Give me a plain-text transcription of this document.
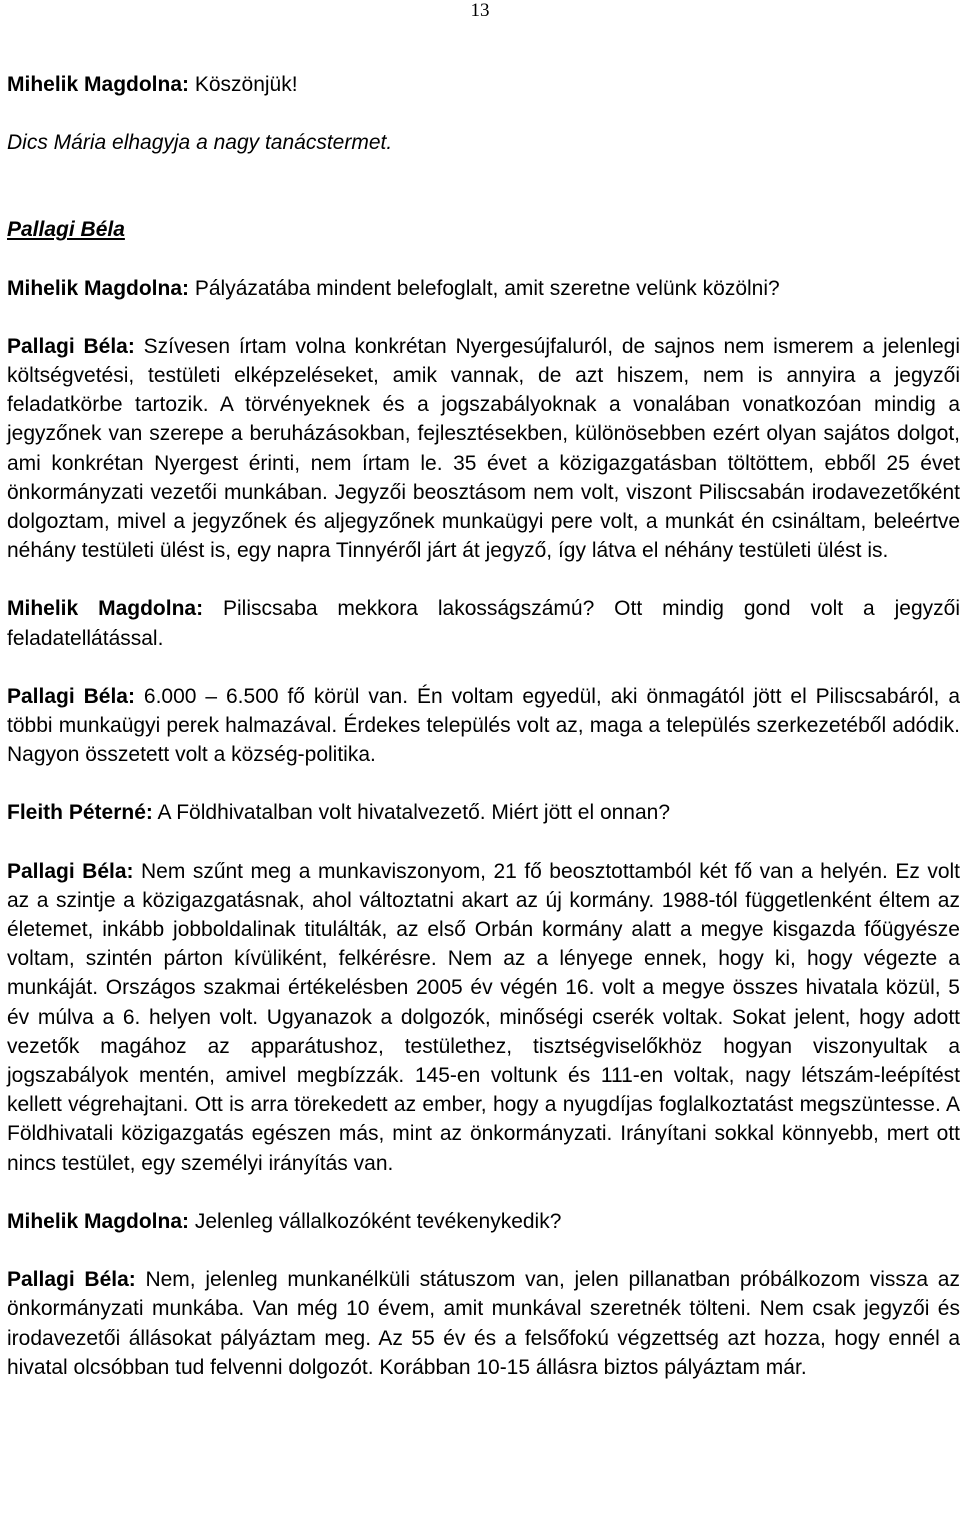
13

Mihelik Magdolna: Köszönjük!

Dics Mária elhagyja a nagy tanácstermet.

Pallagi Béla

Mihelik Magdolna: Pályázatába mindent belefoglalt, amit szeretne velünk közölni?

Pallagi Béla: Szívesen írtam volna konkrétan Nyergesújfaluról, de sajnos nem ismerem a jelenlegi költségvetési, testületi elképzeléseket, amik vannak, de azt hiszem, nem is annyira a jegyzői feladatkörbe tartozik. A törvényeknek és a jogszabályoknak a vonalában vonatkozóan mindig a jegyzőnek van szerepe a beruházásokban, fejlesztésekben, különösebben ezért olyan sajátos dolgot, ami konkrétan Nyergest érinti, nem írtam le. 35 évet a közigazgatásban töltöttem, ebből 25 évet önkormányzati vezetői munkában. Jegyzői beosztásom nem volt, viszont Piliscsabán irodavezetőként dolgoztam, mivel a jegyzőnek és aljegyzőnek munkaügyi pere volt, a munkát én csináltam, beleértve néhány testületi ülést is, egy napra Tinnyéről járt át jegyző, így látva el néhány testületi ülést is.

Mihelik Magdolna: Piliscsaba mekkora lakosságszámú? Ott mindig gond volt a jegyzői feladatellátással.

Pallagi Béla: 6.000 – 6.500 fő körül van. Én voltam egyedül, aki önmagától jött el Piliscsabáról, a többi munkaügyi perek halmazával. Érdekes település volt az, maga a település szerkezetéből adódik. Nagyon összetett volt a község-politika.

Fleith Péterné: A Földhivatalban volt hivatalvezető. Miért jött el onnan?

Pallagi Béla: Nem szűnt meg a munkaviszonyom, 21 fő beosztottamból két fő van a helyén. Ez volt az a szintje a közigazgatásnak, ahol változtatni akart az új kormány. 1988-tól függetlenként éltem az életemet, inkább jobboldalinak titulálták, az első Orbán kormány alatt a megye kisgazda főügyésze voltam, szintén párton kívüliként, felkérésre. Nem az a lényege ennek, hogy ki, hogy végezte a munkáját. Országos szakmai értékelésben 2005 év végén 16. volt a megye összes hivatala közül, 5 év múlva a 6. helyen volt. Ugyanazok a dolgozók, minőségi cserék voltak. Sokat jelent, hogy adott vezetők magához az apparátushoz, testülethez, tisztségviselőkhöz hogyan viszonyultak a jogszabályok mentén, amivel megbízzák. 145-en voltunk és 111-en voltak, nagy létszám-leépítést kellett végrehajtani. Ott is arra törekedett az ember, hogy a nyugdíjas foglalkoztatást megszüntesse. A Földhivatali közigazgatás egészen más, mint az önkormányzati. Irányítani sokkal könnyebb, mert ott nincs testület, egy személyi irányítás van.

Mihelik Magdolna: Jelenleg vállalkozóként tevékenykedik?

Pallagi Béla: Nem, jelenleg munkanélküli státuszom van, jelen pillanatban próbálkozom vissza az önkormányzati munkába. Van még 10 évem, amit munkával szeretnék tölteni. Nem csak jegyzői és irodavezetői állásokat pályáztam meg. Az 55 év és a felsőfokú végzettség azt hozza, hogy ennél a hivatal olcsóbban tud felvenni dolgozót. Korábban 10-15 állásra biztos pályáztam már.
